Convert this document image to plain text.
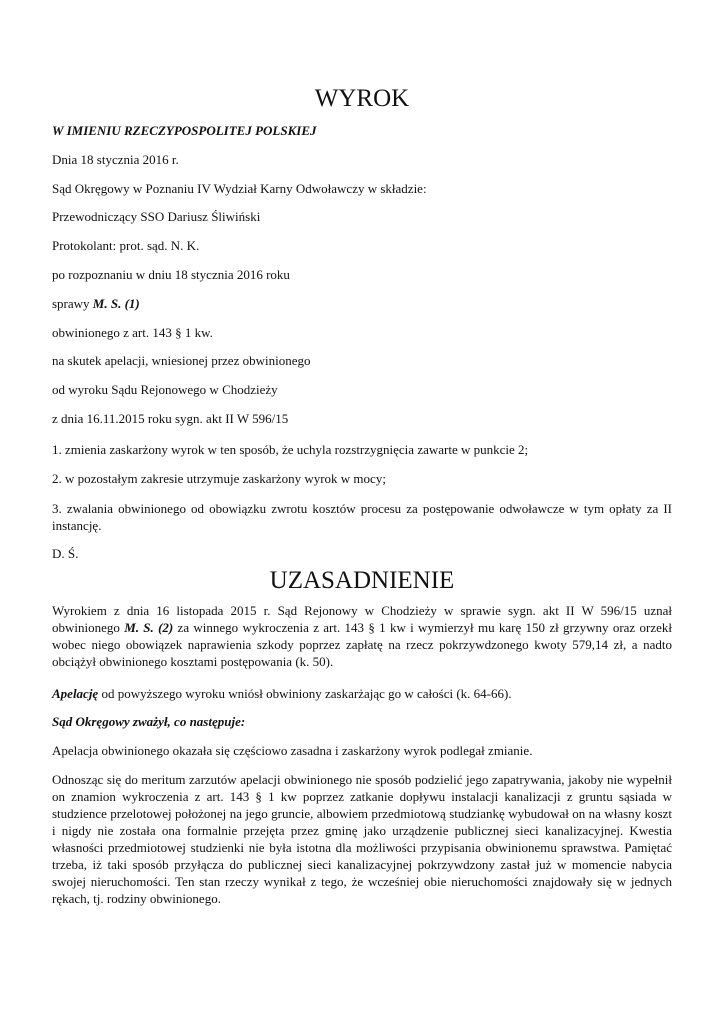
WYROK

W IMIENIU RZECZYPOSPOLITEJ POLSKIEJ

Dnia 18 stycznia 2016 r.

Sąd Okręgowy w Poznaniu IV Wydział Karny Odwoławczy w składzie:

Przewodniczący SSO Dariusz Śliwiński

Protokolant: prot. sąd. N. K.

po rozpoznaniu w dniu 18 stycznia 2016 roku

sprawy M. S. (1)

obwinionego z art. 143 § 1 kw.

na skutek apelacji, wniesionej przez obwinionego

od wyroku Sądu Rejonowego w Chodzieży

z dnia 16.11.2015 roku sygn. akt II W 596/15

1. zmienia zaskarżony wyrok w ten sposób, że uchyla rozstrzygnięcia zawarte w punkcie 2;

2. w pozostałym zakresie utrzymuje zaskarżony wyrok w mocy;

3. zwalania obwinionego od obowiązku zwrotu kosztów procesu za postępowanie odwoławcze w tym opłaty za II instancję.

D. Ś.

UZASADNIENIE

Wyrokiem z dnia 16 listopada 2015 r. Sąd Rejonowy w Chodzieży w sprawie sygn. akt II W 596/15 uznał obwinionego M. S. (2) za winnego wykroczenia z art. 143 § 1 kw i wymierzył mu karę 150 zł grzywny oraz orzekł wobec niego obowiązek naprawienia szkody poprzez zapłatę na rzecz pokrzywdzonego kwoty 579,14 zł, a nadto obciążył obwinionego kosztami postępowania (k. 50).

Apelację od powyższego wyroku wniósł obwiniony zaskarżając go w całości (k. 64-66).

Sąd Okręgowy zważył, co następuje:

Apelacja obwinionego okazała się częściowo zasadna i zaskarżony wyrok podlegał zmianie.

Odnosząc się do meritum zarzutów apelacji obwinionego nie sposób podzielić jego zapatrywania, jakoby nie wypełnił on znamion wykroczenia z art. 143 § 1 kw poprzez zatkanie dopływu instalacji kanalizacji z gruntu sąsiada w studzience przelotowej położonej na jego gruncie, albowiem przedmiotową studziankę wybudował on na własny koszt i nigdy nie została ona formalnie przejęta przez gminę jako urządzenie publicznej sieci kanalizacyjnej. Kwestia własności przedmiotowej studzienki nie była istotna dla możliwości przypisania obwinionemu sprawstwa. Pamiętać trzeba, iż taki sposób przyłącza do publicznej sieci kanalizacyjnej pokrzywdzony zastał już w momencie nabycia swojej nieruchomości. Ten stan rzeczy wynikał z tego, że wcześniej obie nieruchomości znajdowały się w jednych rękach, tj. rodziny obwinionego.
